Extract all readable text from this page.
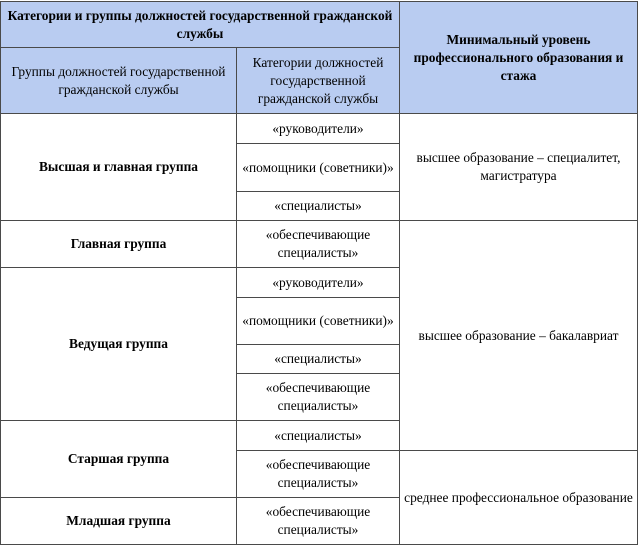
Категории и группы должностей государственной гражданской службы		Минимальный уровень профессионального образования и стажа
Группы должностей государственной гражданской службы	Категории должностей государственной гражданской службы	
Высшая и главная группа	«руководители»	высшее образование – специалитет, магистратура
	«помощники (советники)»	
	«специалисты»	
Главная группа	«обеспечивающие специалисты»	высшее образование – бакалавриат
Ведущая группа	«руководители»	
	«помощники (советники)»	
	«специалисты»	
	«обеспечивающие специалисты»	
Старшая группа	«специалисты»	
	«обеспечивающие специалисты»	среднее профессиональное образование
Младшая группа	«обеспечивающие специалисты»	
